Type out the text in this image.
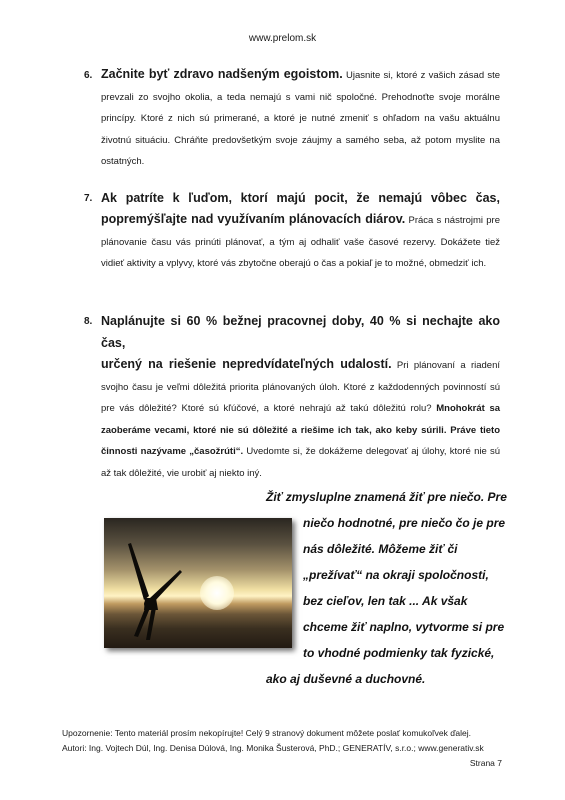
www.prelom.sk
6. Začnite byť zdravo nadšeným egoistom. Ujasnite si, ktoré z vašich zásad ste prevzali zo svojho okolia, a teda nemajú s vami nič spoločné. Prehodnoťte svoje morálne princípy. Ktoré z nich sú primerané, a ktoré je nutné zmeniť s ohľadom na vašu aktuálnu životnú situáciu. Chráňte predovšetkým svoje záujmy a samého seba, až potom myslite na ostatných.
7. Ak patríte k ľuďom, ktorí majú pocit, že nemajú vôbec čas,
popremýšľajte nad využívaním plánovacích diárov. Práca s nástrojmi pre plánovanie času vás prinúti plánovať, a tým aj odhaliť vaše časové rezervy. Dokážete tiež vidieť aktivity a vplyvy, ktoré vás zbytočne oberajú o čas a pokiaľ je to možné, obmedziť ich.
8. Naplánujte si 60 % bežnej pracovnej doby, 40 % si nechajte ako čas,
určený na riešenie nepredvídateľných udalostí. Pri plánovaní a riadení svojho času je veľmi dôležitá priorita plánovaných úloh. Ktoré z každodenných povinností sú pre vás dôležité? Ktoré sú kľúčové, a ktoré nehrajú až takú dôležitú rolu? Mnohokrát sa zaoberáme vecami, ktoré nie sú dôležité a riešime ich tak, ako keby súrili. Práve tieto činnosti nazývame „časožrúti“. Uvedomte si, že dokážeme delegovať aj úlohy, ktoré nie sú až tak dôležité, vie urobiť aj niekto iný.
Žiť zmysluplne znamená žiť pre niečo. Pre
niečo hodnotné, pre niečo čo je pre
nás dôležité. Môžeme žiť či
„prežívať“ na okraji spoločnosti,
bez cieľov, len tak ... Ak však
chceme žiť naplno, vytvorme si pre
to vhodné podmienky tak fyzické,
ako aj duševné a duchovné.
Upozornenie: Tento materiál prosím nekopírujte! Celý 9 stranový dokument môžete poslať komukoľvek ďalej.
Autori: Ing. Vojtech Dúl, Ing. Denisa Dúlová, Ing. Monika Šusterová, PhD.; GENERATÍV, s.r.o.; www.generativ.sk
Strana 7
